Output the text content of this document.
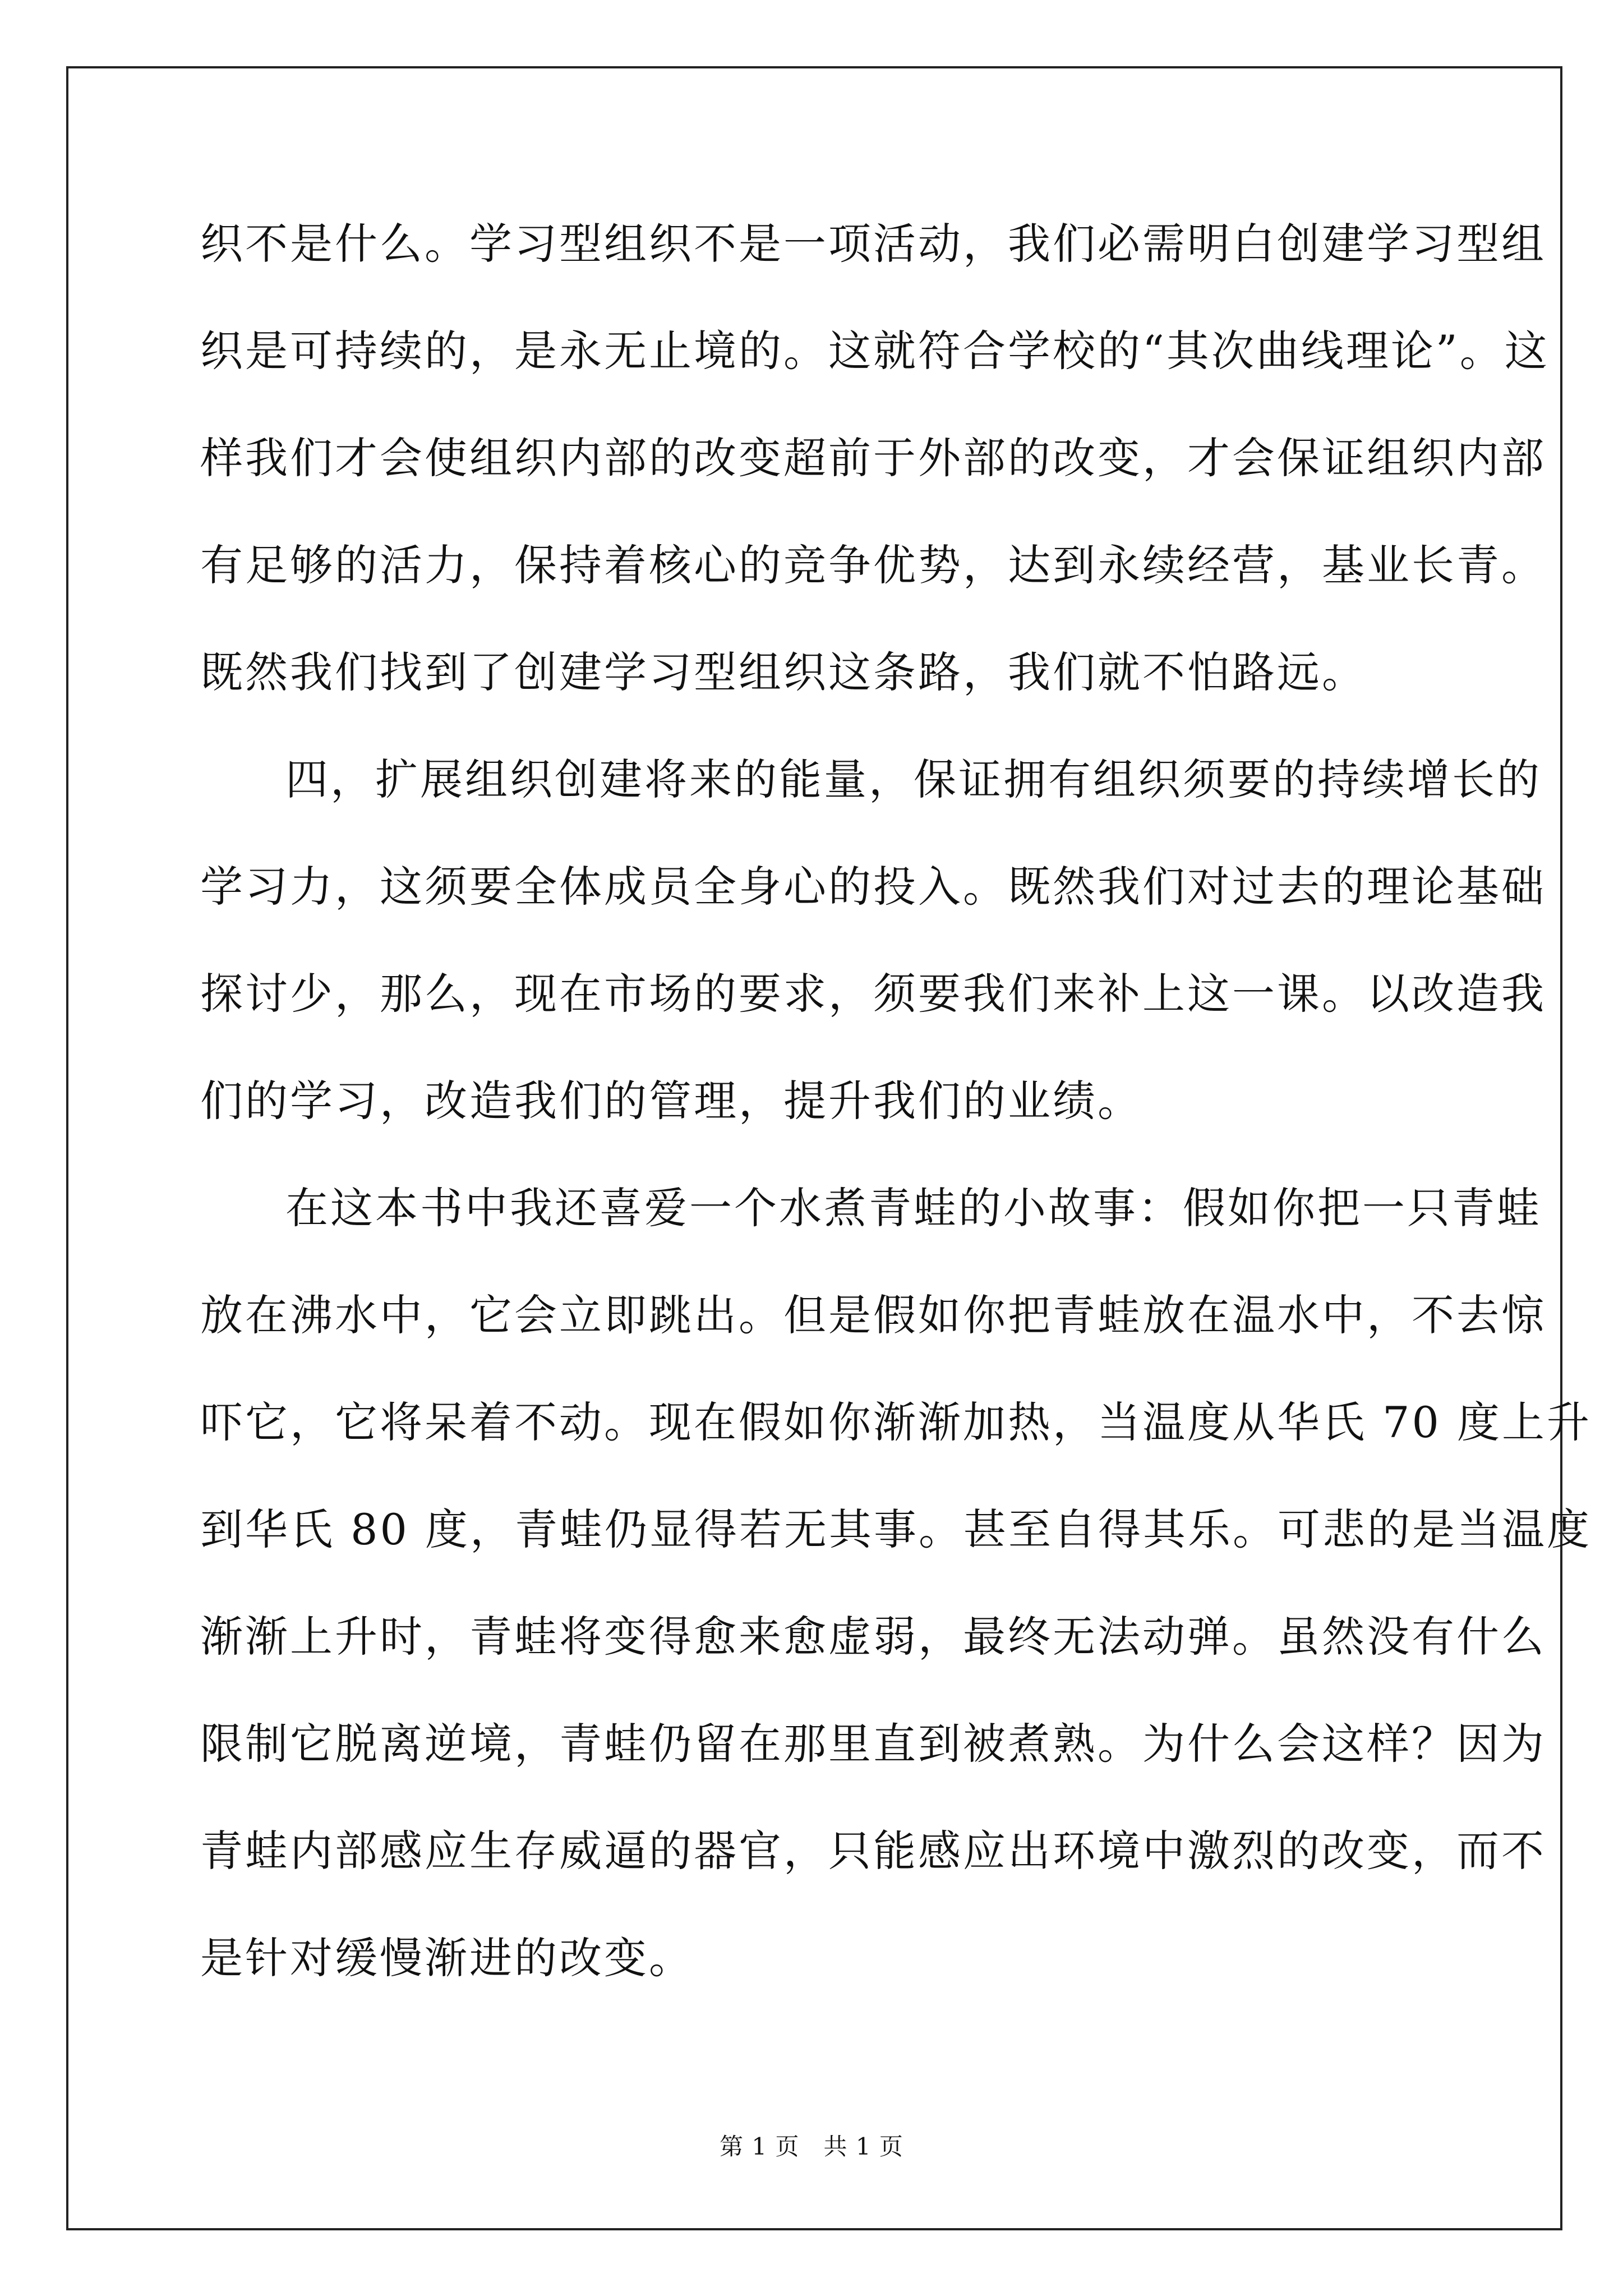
织不是什么。学习型组织不是一项活动，我们必需明白创建学习型组
织是可持续的，是永无止境的。这就符合学校的“其次曲线理论”。这
样我们才会使组织内部的改变超前于外部的改变，才会保证组织内部
有足够的活力，保持着核心的竞争优势，达到永续经营，基业长青。
既然我们找到了创建学习型组织这条路，我们就不怕路远。
四，扩展组织创建将来的能量，保证拥有组织须要的持续增长的
学习力，这须要全体成员全身心的投入。既然我们对过去的理论基础
探讨少，那么，现在市场的要求，须要我们来补上这一课。以改造我
们的学习，改造我们的管理，提升我们的业绩。
在这本书中我还喜爱一个水煮青蛙的小故事：假如你把一只青蛙
放在沸水中，它会立即跳出。但是假如你把青蛙放在温水中，不去惊
吓它，它将呆着不动。现在假如你渐渐加热，当温度从华氏 70 度上升
到华氏 80 度，青蛙仍显得若无其事。甚至自得其乐。可悲的是当温度
渐渐上升时，青蛙将变得愈来愈虚弱，最终无法动弹。虽然没有什么
限制它脱离逆境，青蛙仍留在那里直到被煮熟。为什么会这样？因为
青蛙内部感应生存威逼的器官，只能感应出环境中激烈的改变，而不
是针对缓慢渐进的改变。
第 1 页　共 1 页
